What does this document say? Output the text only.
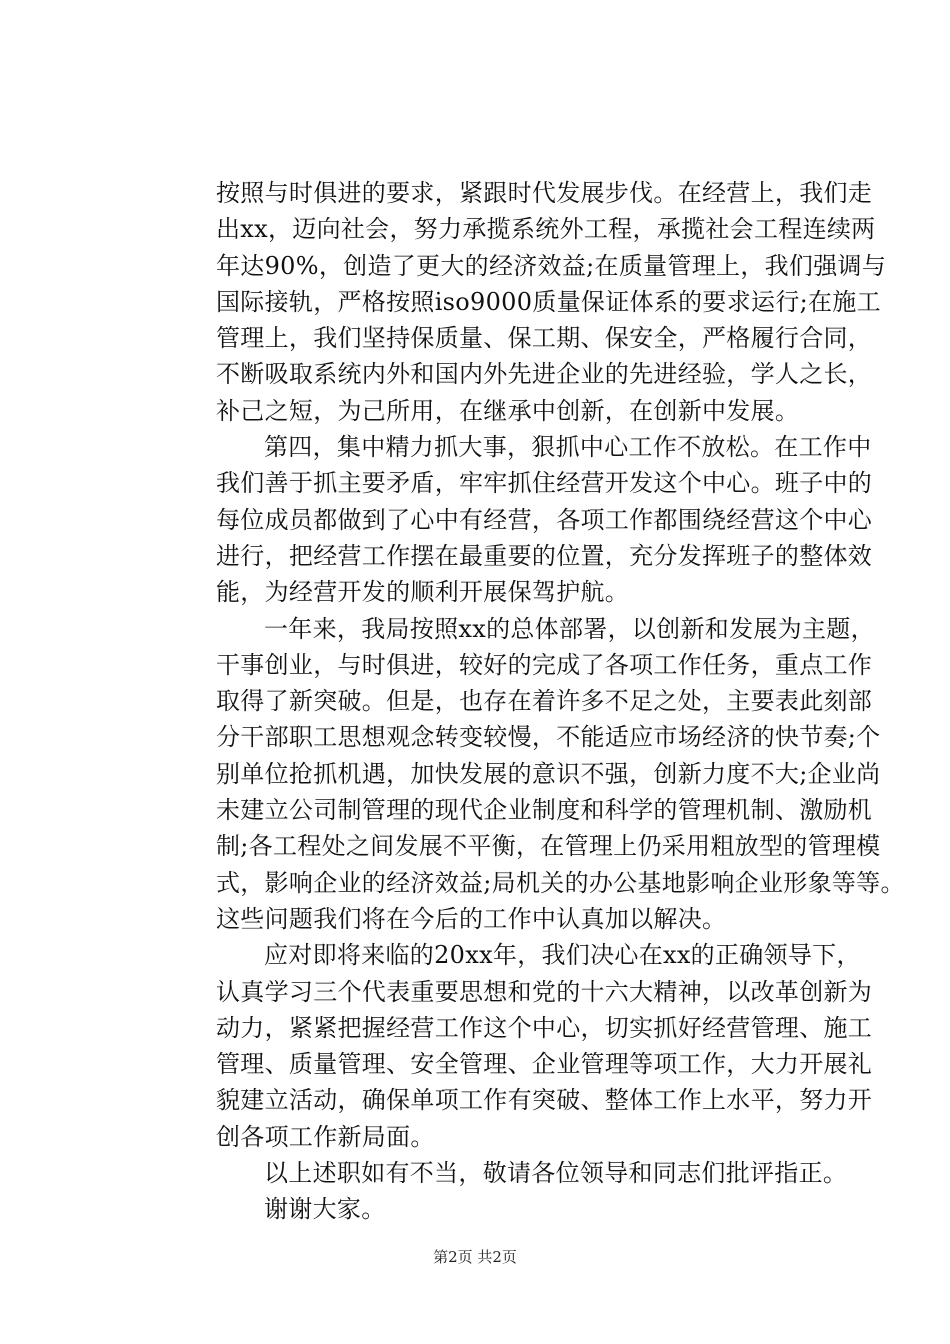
按照与时俱进的要求，紧跟时代发展步伐。在经营上，我们走
出xx，迈向社会，努力承揽系统外工程，承揽社会工程连续两
年达90%，创造了更大的经济效益;在质量管理上，我们强调与
国际接轨，严格按照iso9000质量保证体系的要求运行;在施工
管理上，我们坚持保质量、保工期、保安全，严格履行合同，
不断吸取系统内外和国内外先进企业的先进经验，学人之长，
补己之短，为己所用，在继承中创新，在创新中发展。
第四，集中精力抓大事，狠抓中心工作不放松。在工作中
我们善于抓主要矛盾，牢牢抓住经营开发这个中心。班子中的
每位成员都做到了心中有经营，各项工作都围绕经营这个中心
进行，把经营工作摆在最重要的位置，充分发挥班子的整体效
能，为经营开发的顺利开展保驾护航。
一年来，我局按照xx的总体部署，以创新和发展为主题，
干事创业，与时俱进，较好的完成了各项工作任务，重点工作
取得了新突破。但是，也存在着许多不足之处，主要表此刻部
分干部职工思想观念转变较慢，不能适应市场经济的快节奏;个
别单位抢抓机遇，加快发展的意识不强，创新力度不大;企业尚
未建立公司制管理的现代企业制度和科学的管理机制、激励机
制;各工程处之间发展不平衡，在管理上仍采用粗放型的管理模
式，影响企业的经济效益;局机关的办公基地影响企业形象等等。
这些问题我们将在今后的工作中认真加以解决。
应对即将来临的20xx年，我们决心在xx的正确领导下，
认真学习三个代表重要思想和党的十六大精神，以改革创新为
动力，紧紧把握经营工作这个中心，切实抓好经营管理、施工
管理、质量管理、安全管理、企业管理等项工作，大力开展礼
貌建立活动，确保单项工作有突破、整体工作上水平，努力开
创各项工作新局面。
以上述职如有不当，敬请各位领导和同志们批评指正。
谢谢大家。
第2页 共2页
